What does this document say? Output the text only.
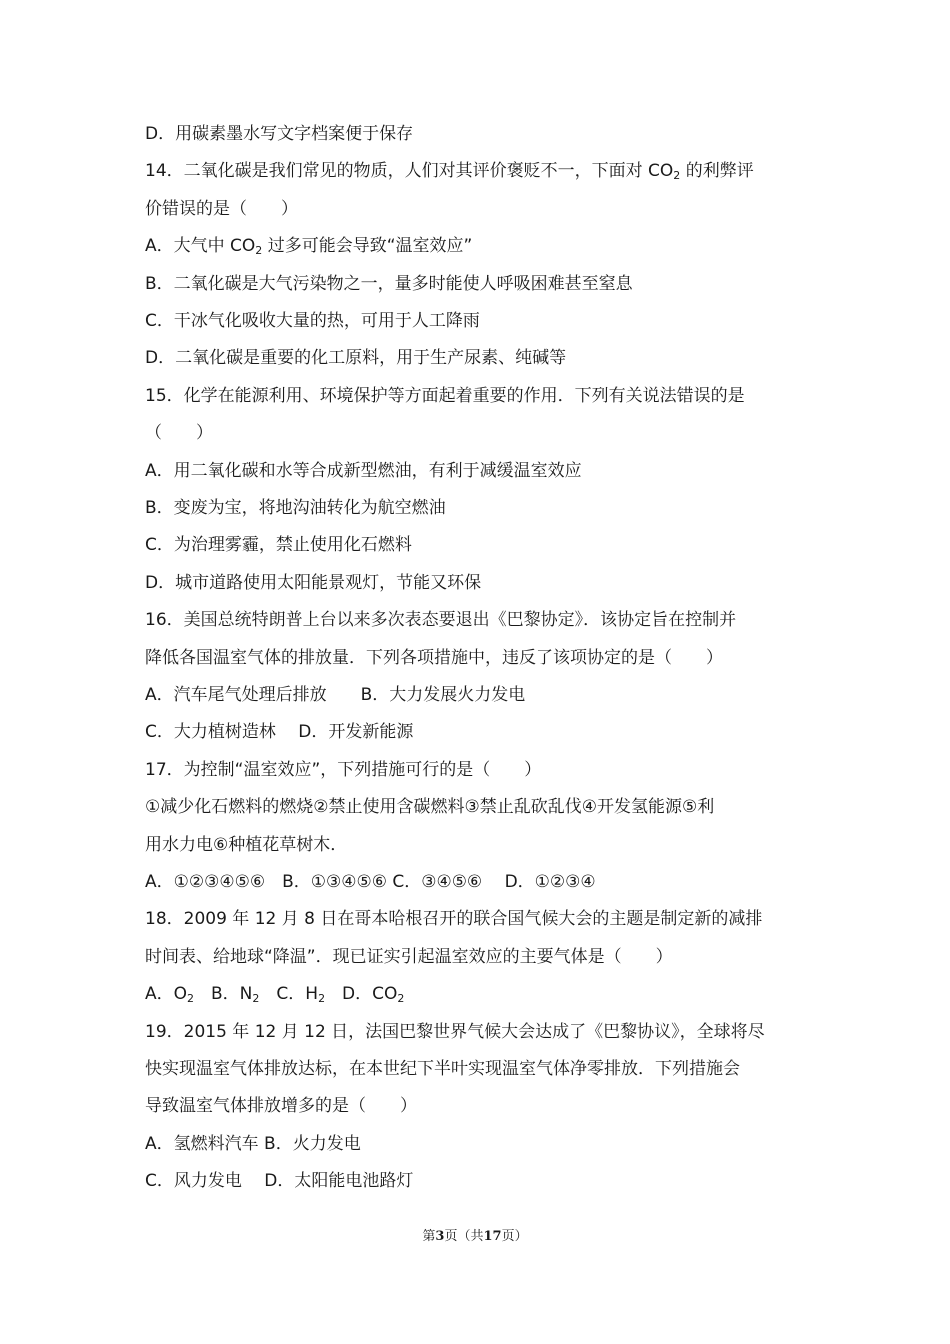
D．用碳素墨水写文字档案便于保存
14．二氧化碳是我们常见的物质，人们对其评价褒贬不一，下面对 $CO_2$ 的利弊评
价错误的是（　　）
A．大气中 $CO_2$ 过多可能会导致“温室效应”
B．二氧化碳是大气污染物之一，量多时能使人呼吸困难甚至窒息
C．干冰气化吸收大量的热，可用于人工降雨
D．二氧化碳是重要的化工原料，用于生产尿素、纯碱等
15．化学在能源利用、环境保护等方面起着重要的作用．下列有关说法错误的是
（　　）
A．用二氧化碳和水等合成新型燃油，有利于减缓温室效应
B．变废为宝，将地沟油转化为航空燃油
C．为治理雾霾，禁止使用化石燃料
D．城市道路使用太阳能景观灯，节能又环保
16．美国总统特朗普上台以来多次表态要退出《巴黎协定》．该协定旨在控制并
降低各国温室气体的排放量．下列各项措施中，违反了该项协定的是（　　）
A．汽车尾气处理后排放　　B．大力发展火力发电
C．大力植树造林　 D．开发新能源
17．为控制“温室效应”，下列措施可行的是（　　）
①减少化石燃料的燃烧②禁止使用含碳燃料③禁止乱砍乱伐④开发氢能源⑤利
用水力电⑥种植花草树木．
A．①②③④⑤⑥　B．①③④⑤⑥ C．③④⑤⑥　 D．①②③④
18．2009 年 12 月 8 日在哥本哈根召开的联合国气候大会的主题是制定新的减排
时间表、给地球“降温”．现已证实引起温室效应的主要气体是（　　）
A．$O_2$　B．$N_2$　C．$H_2$　D．$CO_2$
19．2015 年 12 月 12 日，法国巴黎世界气候大会达成了《巴黎协议》，全球将尽
快实现温室气体排放达标，在本世纪下半叶实现温室气体净零排放．下列措施会
导致温室气体排放增多的是（　　）
A．氢燃料汽车 B．火力发电
C．风力发电　 D．太阳能电池路灯
第3页（共17页）
